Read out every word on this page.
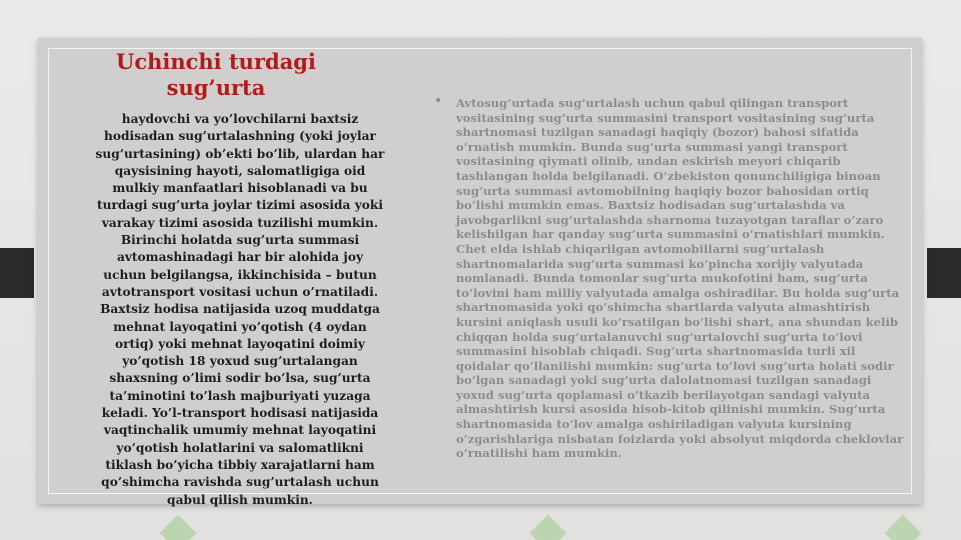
Uchinchi turdagi sug’urta
haydovchi va yo’lovchilarni baxtsiz hodisadan sug’urtalashning (yoki joylar sug’urtasining) ob’ekti bo’lib, ulardan har qaysisining hayoti, salomatligiga oid mulkiy manfaatlari hisoblanadi va bu turdagi sug’urta joylar tizimi asosida yoki varakay tizimi asosida tuzilishi mumkin. Birinchi holatda sug’urta summasi avtomashinadagi har bir alohida joy uchun belgilangsa, ikkinchisida – butun avtotransport vositasi uchun o’rnatiladi. Baxtsiz hodisa natijasida uzoq muddatga mehnat layoqatini yo’qotish (4 oydan ortiq) yoki mehnat layoqatini doimiy yo’qotish 18 yoxud sug’urtalangan shaxsning o’limi sodir bo’lsa, sug’urta ta’minotini to’lash majburiyati yuzaga keladi. Yo’l-transport hodisasi natijasida vaqtinchalik umumiy mehnat layoqatini yo’qotish holatlarini va salomatlikni tiklash bo’yicha tibbiy xarajatlarni ham qo’shimcha ravishda sug’urtalash uchun qabul qilish mumkin.
• Avtosug’urtada sug’urtalash uchun qabul qilingan transport vositasining sug’urta summasini transport vositasining sug’urta shartnomasi tuzilgan sanadagi haqiqiy (bozor) bahosi sifatida o’rnatish mumkin. Bunda sug’urta summasi yangi transport vositasining qiymati olinib, undan eskirish meyori chiqarib tashlangan holda belgilanadi. O’zbekiston qonunchiligiga binoan sug’urta summasi avtomobilning haqiqiy bozor bahosidan ortiq bo’lishi mumkin emas. Baxtsiz hodisadan sug’urtalashda va javobgarlikni sug’urtalashda sharnoma tuzayotgan taraflar o’zaro kelishilgan har qanday sug’urta summasini o’rnatishlari mumkin. Chet elda ishlab chiqarilgan avtomobillarni sug’urtalash shartnomalarida sug’urta summasi ko’pincha xorijiy valyutada nomlanadi. Bunda tomonlar sug’urta mukofotini ham, sug’urta to’lovini ham milliy valyutada amalga oshiradilar. Bu holda sug’urta shartnomasida yoki qo’shimcha shartlarda valyuta almashtirish kursini aniqlash usuli ko’rsatilgan bo’lishi shart, ana shundan kelib chiqqan holda sug’urtalanuvchi sug’urtalovchi sug’urta to’lovi summasini hisoblab chiqadi. Sug’urta shartnomasida turli xil qoidalar qo’llanilishi mumkin: sug’urta to’lovi sug’urta holati sodir bo’lgan sanadagi yoki sug’urta dalolatnomasi tuzilgan sanadagi yoxud sug’urta qoplamasi o’tkazib berilayotgan sandagi valyuta almashtirish kursi asosida hisob-kitob qilinishi mumkin. Sug’urta shartnomasida to’lov amalga oshiriladigan valyuta kursining o’zgarishlariga nisbatan foizlarda yoki absolyut miqdorda cheklovlar o’rnatilishi ham mumkin.
